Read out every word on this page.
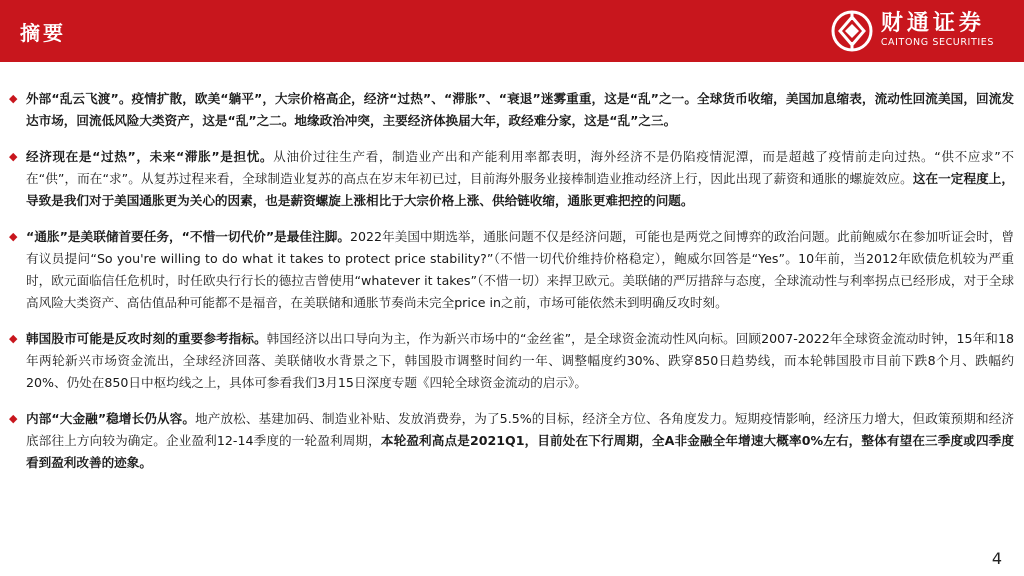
摘要	财通证券
CAITONG SECURITIES
◆ 外部“乱云飞渡”。疫情扩散，欧美“躺平”，大宗价格高企，经济“过热”、“滞胀”、“衰退”迷雾重重，这是“乱”之一。全球货币收缩，美国加息缩表，流动性回流美国，回流发达市场，回流低风险大类资产，这是“乱”之二。地缘政治冲突，主要经济体换届大年，政经难分家，这是“乱”之三。
◆ 经济现在是“过热”，未来“滞胀”是担忧。从油价过往生产看，制造业产出和产能利用率都表明，海外经济不是仍陷疫情泥潭，而是超越了疫情前走向过热。“供不应求”不在“供”，而在“求”。从复苏过程来看，全球制造业复苏的高点在岁末年初已过，目前海外服务业接棒制造业推动经济上行，因此出现了薪资和通胀的螺旋效应。这在一定程度上，导致是我们对于美国通胀更为关心的因素，也是薪资螺旋上涨相比于大宗价格上涨、供给链收缩，通胀更难把控的问题。
◆ “通胀”是美联储首要任务，“不惜一切代价”是最佳注脚。2022年美国中期选举，通胀问题不仅是经济问题，可能也是两党之间博弈的政治问题。此前鲍威尔在参加听证会时，曾有议员提问“So you're willing to do what it takes to protect price stability?”（不惜一切代价维持价格稳定），鲍威尔回答是“Yes”。10年前，当2012年欧债危机较为严重时，欧元面临信任危机时，时任欧央行行长的德拉吉曾使用“whatever it takes”（不惜一切）来捍卫欧元。美联储的严厉措辞与态度，全球流动性与利率拐点已经形成，对于全球高风险大类资产、高估值品种可能都不是福音，在美联储和通胀节奏尚未完全price in之前，市场可能依然未到明确反攻时刻。
◆ 韩国股市可能是反攻时刻的重要参考指标。韩国经济以出口导向为主，作为新兴市场中的“金丝雀”，是全球资金流动性风向标。回顾2007-2022年全球资金流动时钟，15年和18年两轮新兴市场资金流出，全球经济回落、美联储收水背景之下，韩国股市调整时间约一年、调整幅度约30%、跌穿850日趋势线，而本轮韩国股市目前下跌8个月、跌幅约20%、仍处在850日中枢均线之上，具体可参看我们3月15日深度专题《四轮全球资金流动的启示》。
◆ 内部“大金融”稳增长仍从容。地产放松、基建加码、制造业补贴、发放消费券，为了5.5%的目标，经济全方位、各角度发力。短期疫情影响，经济压力增大，但政策预期和经济底部往上方向较为确定。企业盈利12-14季度的一轮盈利周期，本轮盈利高点是2021Q1，目前处在下行周期，全A非金融全年增速大概率0%左右，整体有望在三季度或四季度看到盈利改善的迹象。
4
